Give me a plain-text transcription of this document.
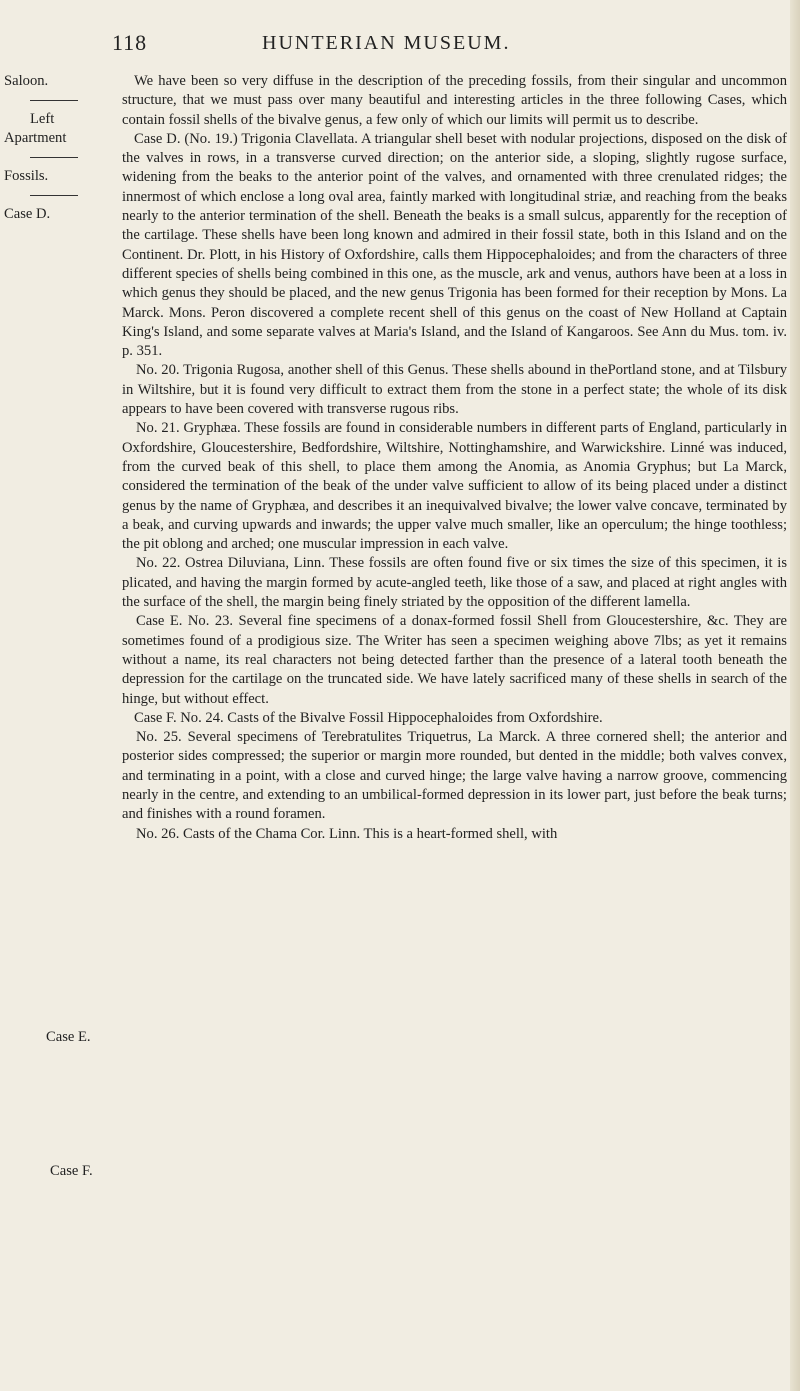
118	HUNTERIAN MUSEUM.
Saloon.
Left
Apartment
Fossils.
Case D.
Case E.
Case F.

We have been so very diffuse in the description of the preceding fossils, from their singular and uncommon structure, that we must pass over many beautiful and interesting articles in the three following Cases, which contain fossil shells of the bivalve genus, a few only of which our limits will permit us to describe.

Case D. (No. 19.) Trigonia Clavellata. A triangular shell beset with nodular projections, disposed on the disk of the valves in rows, in a transverse curved direction; on the anterior side, a sloping, slightly rugose surface, widening from the beaks to the anterior point of the valves, and ornamented with three crenulated ridges; the innermost of which enclose a long oval area, faintly marked with longitudinal striæ, and reaching from the beaks nearly to the anterior termination of the shell. Beneath the beaks is a small sulcus, apparently for the reception of the cartilage. These shells have been long known and admired in their fossil state, both in this Island and on the Continent. Dr. Plott, in his History of Oxfordshire, calls them Hippocephaloides; and from the characters of three different species of shells being combined in this one, as the muscle, ark and venus, authors have been at a loss in which genus they should be placed, and the new genus Trigonia has been formed for their reception by Mons. La Marck. Mons. Peron discovered a complete recent shell of this genus on the coast of New Holland at Captain King's Island, and some separate valves at Maria's Island, and the Island of Kangaroos. See Ann du Mus. tom. iv. p. 351.

No. 20. Trigonia Rugosa, another shell of this Genus. These shells abound in thePortland stone, and at Tilsbury in Wiltshire, but it is found very difficult to extract them from the stone in a perfect state; the whole of its disk appears to have been covered with transverse rugous ribs.

No. 21. Gryphæa. These fossils are found in considerable numbers in different parts of England, particularly in Oxfordshire, Gloucestershire, Bedfordshire, Wiltshire, Nottinghamshire, and Warwickshire. Linné was induced, from the curved beak of this shell, to place them among the Anomia, as Anomia Gryphus; but La Marck, considered the termination of the beak of the under valve sufficient to allow of its being placed under a distinct genus by the name of Gryphæa, and describes it an inequivalved bivalve; the lower valve concave, terminated by a beak, and curving upwards and inwards; the upper valve much smaller, like an operculum; the hinge toothless; the pit oblong and arched; one muscular impression in each valve.

No. 22. Ostrea Diluviana, Linn. These fossils are often found five or six times the size of this specimen, it is plicated, and having the margin formed by acute-angled teeth, like those of a saw, and placed at right angles with the surface of the shell, the margin being finely striated by the opposition of the different lamella.

Case E. No. 23. Several fine specimens of a donax-formed fossil Shell from Gloucestershire, &c. They are sometimes found of a prodigious size. The Writer has seen a specimen weighing above 7lbs; as yet it remains without a name, its real characters not being detected farther than the presence of a lateral tooth beneath the depression for the cartilage on the truncated side. We have lately sacrificed many of these shells in search of the hinge, but without effect.

Case F. No. 24. Casts of the Bivalve Fossil Hippocephaloides from Oxfordshire.

No. 25. Several specimens of Terebratulites Triquetrus, La Marck. A three cornered shell; the anterior and posterior sides compressed; the superior or margin more rounded, but dented in the middle; both valves convex, and terminating in a point, with a close and curved hinge; the large valve having a narrow groove, commencing nearly in the centre, and extending to an umbilical-formed depression in its lower part, just before the beak turns; and finishes with a round foramen.

No. 26. Casts of the Chama Cor. Linn. This is a heart-formed shell, with
